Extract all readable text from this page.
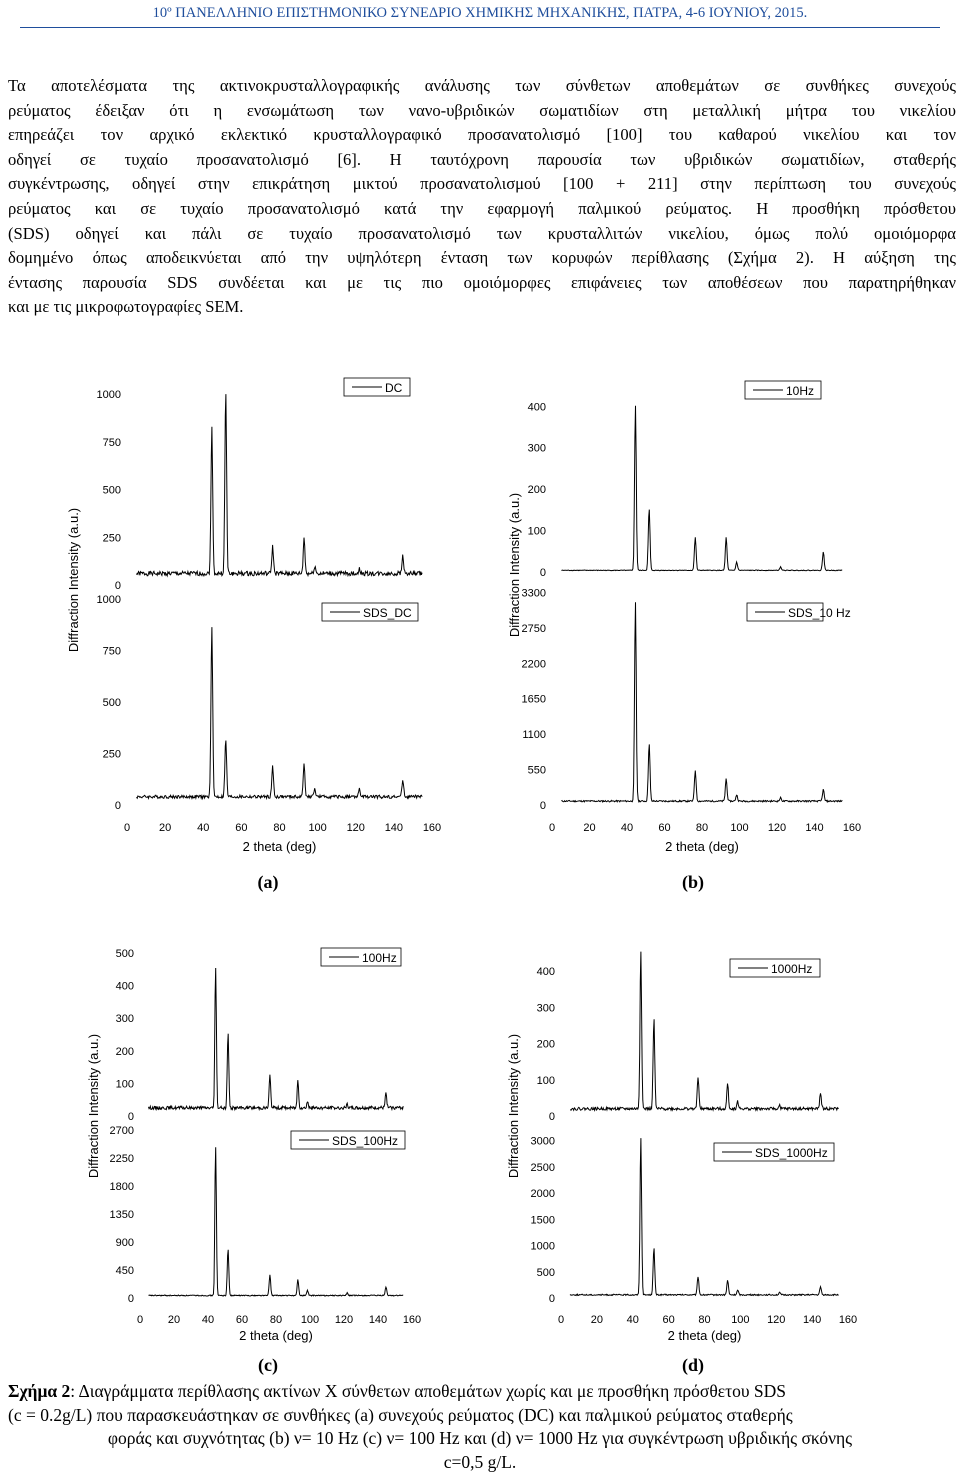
10º ΠΑΝΕΛΛΗΝΙΟ ΕΠΙΣΤΗΜΟΝΙΚΟ ΣΥΝΕΔΡΙΟ ΧΗΜΙΚΗΣ ΜΗΧΑΝΙΚΗΣ, ΠΑΤΡΑ, 4-6 ΙΟΥΝΙΟΥ, 2015.
Τα αποτελέσματα της ακτινοκρυσταλλογραφικής ανάλυσης των σύνθετων αποθεμάτων σε συνθήκες συνεχούς
ρεύματος έδειξαν ότι η ενσωμάτωση των νανο-υβριδικών σωματιδίων στη μεταλλική μήτρα του νικελίου
επηρεάζει τον αρχικό εκλεκτικό κρυσταλλογραφικό προσανατολισμό [100] του καθαρού νικελίου και τον
οδηγεί σε τυχαίο προσανατολισμό [6]. Η ταυτόχρονη παρουσία των υβριδικών σωματιδίων, σταθερής
συγκέντρωσης, οδηγεί στην επικράτηση μικτού προσανατολισμού [100 + 211] στην περίπτωση του συνεχούς
ρεύματος και σε τυχαίο προσανατολισμό κατά την εφαρμογή παλμικού ρεύματος. Η προσθήκη πρόσθετου
(SDS) οδηγεί και πάλι σε τυχαίο προσανατολισμό των κρυσταλλιτών νικελίου, όμως πολύ ομοιόμορφα
δομημένο όπως αποδεικνύεται από την υψηλότερη ένταση των κορυφών περίθλασης (Σχήμα 2). Η αύξηση της
έντασης παρουσία SDS συνδέεται και με τις πιο ομοιόμορφες επιφάνειες των αποθέσεων που παρατηρήθηκαν
και με τις μικροφωτογραφίες SEM.
0
250
500
750
1000	DC
0
250
500
750
1000
SDS_DC
0	20 40 60 80 100 120 140 160
2 theta (deg)
Diffraction Intensity (a.u.)	0
100
200
300
400
10Hz
0
550
1100
1650
2200
2750
3300
SDS_10 Hz
0	20 40 60 80 100 120 140 160
2 theta (deg)
Diffraction Intensity (a.u.)
0
100
200
300
400
500	100Hz
0
450
900
1350
1800
2250
2700
SDS_100Hz
0 20 40 60 80 100 120 140 160
2 theta (deg)
Diffraction Intensity (a.u.)	0
100
200
300
400	1000Hz
0
500
1000
1500
2000
2500
3000
SDS_1000Hz
0 20 40 60 80 100 120 140 160
2 theta (deg)
Diffraction Intensity (a.u.)
(a)	(b)
(c)	(d)
Σχήμα 2: Διαγράμματα περίθλασης ακτίνων Χ σύνθετων αποθεμάτων χωρίς και με προσθήκη πρόσθετου SDS
(c = 0.2g/L) που παρασκευάστηκαν σε συνθήκες (a) συνεχούς ρεύματος (DC) και παλμικού ρεύματος σταθερής
φοράς και συχνότητας (b) ν= 10 Hz (c) ν= 100 Hz και (d) ν= 1000 Hz για συγκέντρωση υβριδικής σκόνης
c=0,5 g/L.
